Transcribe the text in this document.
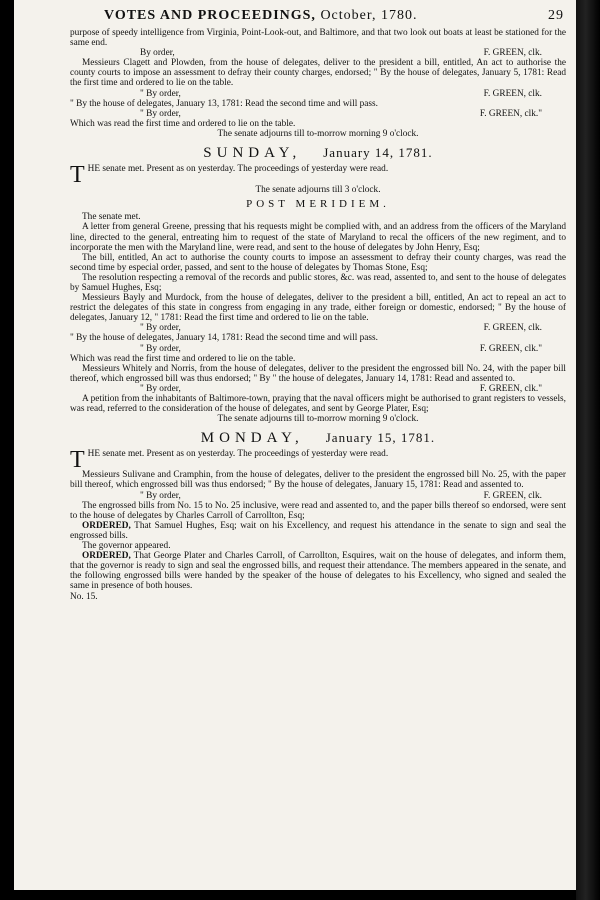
VOTES AND PROCEEDINGS, October, 1780.	29

purpose of speedy intelligence from Virginia, Point-Look-out, and Baltimore, and that two look out boats at least be stationed for the same end.

By order,	F. GREEN, clk.

Messieurs Clagett and Plowden, from the house of delegates, deliver to the president a bill, entitled, An act to authorise the county courts to impose an assessment to defray their county charges, endorsed; " By the house of delegates, January 5, 1781: Read the first time and ordered to lie on the table.

" By order,	F. GREEN, clk.

" By the house of delegates, January 13, 1781: Read the second time and will pass.

" By order,	F. GREEN, clk."

Which was read the first time and ordered to lie on the table.

The senate adjourns till to-morrow morning 9 o'clock.

SUNDAY, January 14, 1781.

THE senate met. Present as on yesterday. The proceedings of yesterday were read.

The senate adjourns till 3 o'clock.

POST MERIDIEM.

The senate met.

A letter from general Greene, pressing that his requests might be complied with, and an address from the officers of the Maryland line, directed to the general, entreating him to request of the state of Maryland to recal the officers of the new regiment, and to incorporate the men with the Maryland line, were read, and sent to the house of delegates by John Henry, Esq;

The bill, entitled, An act to authorise the county courts to impose an assessment to defray their county charges, was read the second time by especial order, passed, and sent to the house of delegates by Thomas Stone, Esq;

The resolution respecting a removal of the records and public stores, &c. was read, assented to, and sent to the house of delegates by Samuel Hughes, Esq;

Messieurs Bayly and Murdock, from the house of delegates, deliver to the president a bill, entitled, An act to repeal an act to restrict the delegates of this state in congress from engaging in any trade, either foreign or domestic, endorsed; " By the house of delegates, January 12, " 1781: Read the first time and ordered to lie on the table.

" By order,	F. GREEN, clk.

" By the house of delegates, January 14, 1781: Read the second time and will pass.

" By order,	F. GREEN, clk."

Which was read the first time and ordered to lie on the table.

Messieurs Whitely and Norris, from the house of delegates, deliver to the president the engrossed bill No. 24, with the paper bill thereof, which engrossed bill was thus endorsed; " By " the house of delegates, January 14, 1781: Read and assented to.

" By order,	F. GREEN, clk."

A petition from the inhabitants of Baltimore-town, praying that the naval officers might be authorised to grant registers to vessels, was read, referred to the consideration of the house of delegates, and sent by George Plater, Esq;

The senate adjourns till to-morrow morning 9 o'clock.

MONDAY, January 15, 1781.

THE senate met. Present as on yesterday. The proceedings of yesterday were read.

Messieurs Sulivane and Cramphin, from the house of delegates, deliver to the president the engrossed bill No. 25, with the paper bill thereof, which engrossed bill was thus endorsed; " By the house of delegates, January 15, 1781: Read and assented to.

" By order,	F. GREEN, clk.

The engrossed bills from No. 15 to No. 25 inclusive, were read and assented to, and the paper bills thereof so endorsed, were sent to the house of delegates by Charles Carroll of Carrollton, Esq;

ORDERED, That Samuel Hughes, Esq; wait on his Excellency, and request his attendance in the senate to sign and seal the engrossed bills.

The governor appeared.

ORDERED, That George Plater and Charles Carroll, of Carrollton, Esquires, wait on the house of delegates, and inform them, that the governor is ready to sign and seal the engrossed bills, and request their attendance. The members appeared in the senate, and the following engrossed bills were handed by the speaker of the house of delegates to his Excellency, who signed and sealed the same in presence of both houses.

No. 15.
